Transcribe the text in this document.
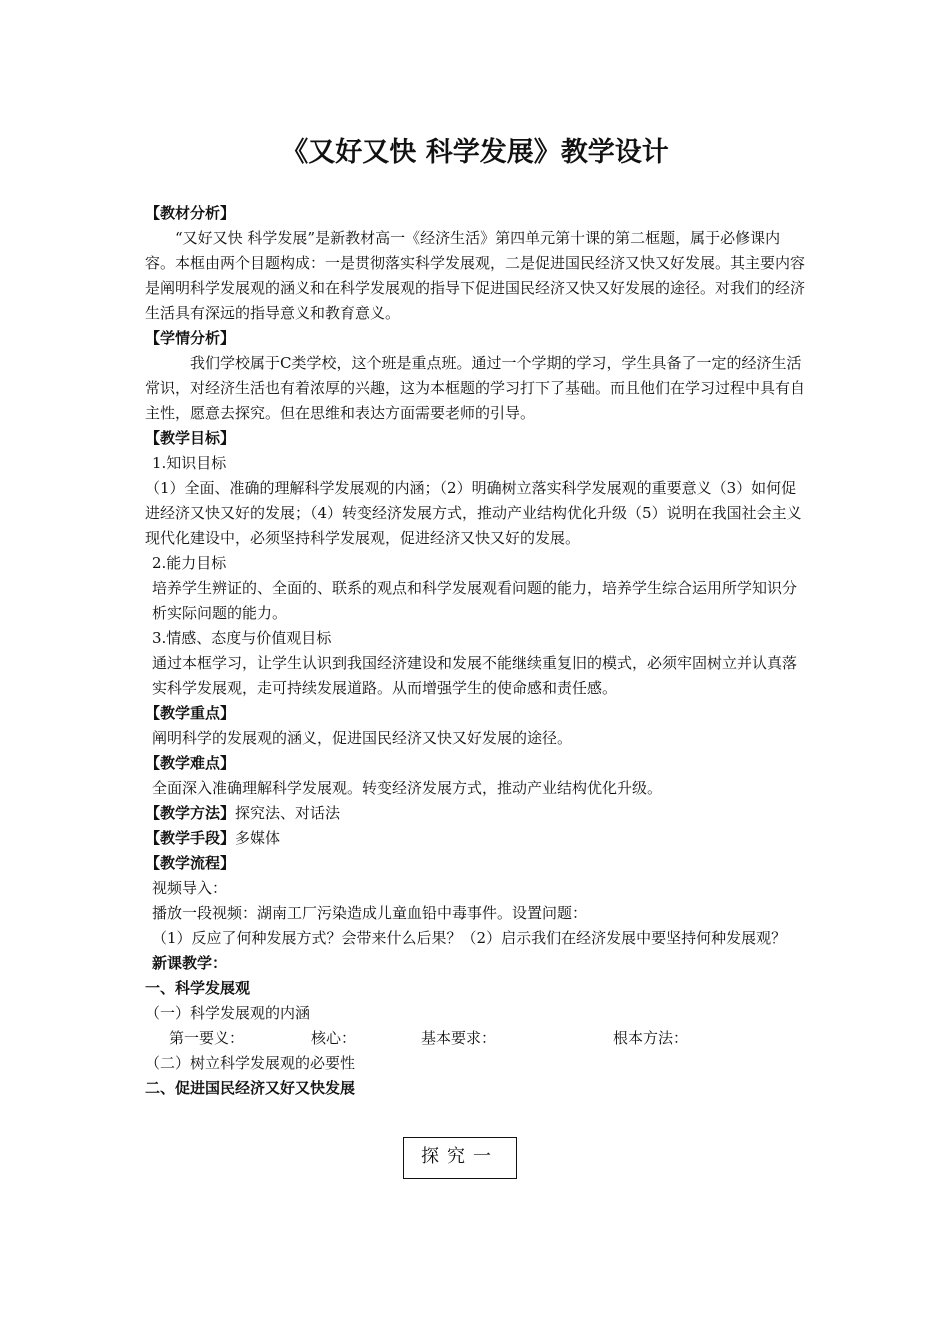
《又好又快 科学发展》教学设计

【教材分析】

“又好又快 科学发展”是新教材高一《经济生活》第四单元第十课的第二框题，属于必修课内容。本框由两个目题构成：一是贯彻落实科学发展观，二是促进国民经济又快又好发展。其主要内容是阐明科学发展观的涵义和在科学发展观的指导下促进国民经济又快又好发展的途径。对我们的经济生活具有深远的指导意义和教育意义。

【学情分析】

我们学校属于C类学校，这个班是重点班。通过一个学期的学习，学生具备了一定的经济生活常识，对经济生活也有着浓厚的兴趣，这为本框题的学习打下了基础。而且他们在学习过程中具有自主性，愿意去探究。但在思维和表达方面需要老师的引导。

【教学目标】

1.知识目标

（1）全面、准确的理解科学发展观的内涵；（2）明确树立落实科学发展观的重要意义（3）如何促进经济又快又好的发展；（4）转变经济发展方式，推动产业结构优化升级（5）说明在我国社会主义现代化建设中，必须坚持科学发展观，促进经济又快又好的发展。

2.能力目标

培养学生辨证的、全面的、联系的观点和科学发展观看问题的能力，培养学生综合运用所学知识分析实际问题的能力。

3.情感、态度与价值观目标

通过本框学习，让学生认识到我国经济建设和发展不能继续重复旧的模式，必须牢固树立并认真落实科学发展观，走可持续发展道路。从而增强学生的使命感和责任感。

【教学重点】

阐明科学的发展观的涵义，促进国民经济又快又好发展的途径。

【教学难点】

全面深入准确理解科学发展观。转变经济发展方式，推动产业结构优化升级。

【教学方法】探究法、对话法

【教学手段】多媒体

【教学流程】

视频导入：

播放一段视频：湖南工厂污染造成儿童血铅中毒事件。设置问题：

（1）反应了何种发展方式？会带来什么后果？（2）启示我们在经济发展中要坚持何种发展观？

新课教学：

一、科学发展观

（一）科学发展观的内涵

第一要义：	核心：	基本要求：	根本方法：

（二）树立科学发展观的必要性

二、促进国民经济又好又快发展

探究一
